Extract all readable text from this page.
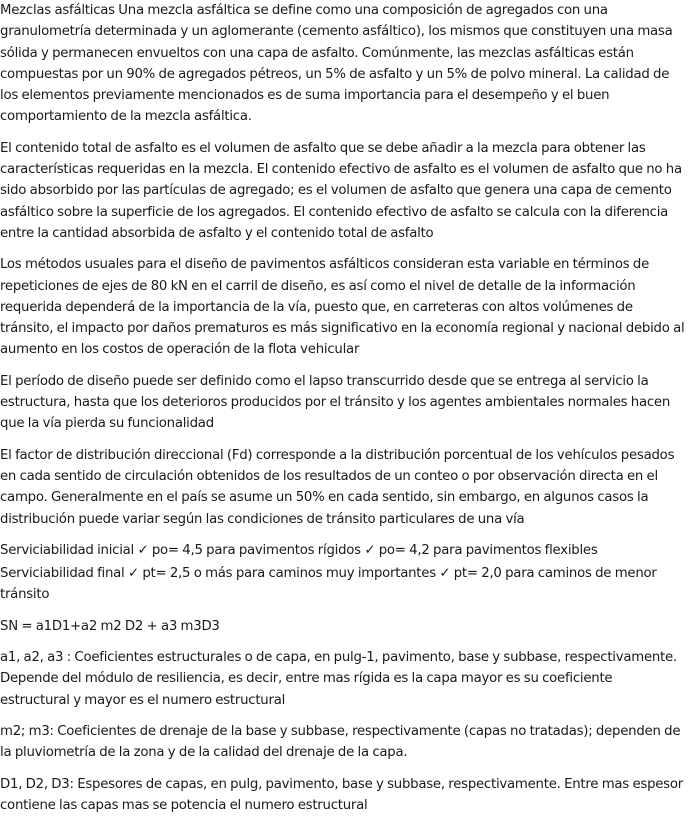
Mezclas asfálticas Una mezcla asfáltica se define como una composición de agregados con una granulometría determinada y un aglomerante (cemento asfáltico), los mismos que constituyen una masa sólida y permanecen envueltos con una capa de asfalto. Comúnmente, las mezclas asfálticas están compuestas por un 90% de agregados pétreos, un 5% de asfalto y un 5% de polvo mineral. La calidad de los elementos previamente mencionados es de suma importancia para el desempeño y el buen comportamiento de la mezcla asfáltica.

El contenido total de asfalto es el volumen de asfalto que se debe añadir a la mezcla para obtener las características requeridas en la mezcla. El contenido efectivo de asfalto es el volumen de asfalto que no ha sido absorbido por las partículas de agregado; es el volumen de asfalto que genera una capa de cemento asfáltico sobre la superficie de los agregados. El contenido efectivo de asfalto se calcula con la diferencia entre la cantidad absorbida de asfalto y el contenido total de asfalto

Los métodos usuales para el diseño de pavimentos asfálticos consideran esta variable en términos de repeticiones de ejes de 80 kN en el carril de diseño, es así como el nivel de detalle de la información requerida dependerá de la importancia de la vía, puesto que, en carreteras con altos volúmenes de tránsito, el impacto por daños prematuros es más significativo en la economía regional y nacional debido al aumento en los costos de operación de la flota vehicular

El período de diseño puede ser definido como el lapso transcurrido desde que se entrega al servicio la estructura, hasta que los deterioros producidos por el tránsito y los agentes ambientales normales hacen que la vía pierda su funcionalidad

El factor de distribución direccional (Fd) corresponde a la distribución porcentual de los vehículos pesados en cada sentido de circulación obtenidos de los resultados de un conteo o por observación directa en el campo. Generalmente en el país se asume un 50% en cada sentido, sin embargo, en algunos casos la distribución puede variar según las condiciones de tránsito particulares de una vía

Serviciabilidad inicial ✓ po= 4,5 para pavimentos rígidos ✓ po= 4,2 para pavimentos flexibles

Serviciabilidad final ✓ pt= 2,5 o más para caminos muy importantes ✓ pt= 2,0 para caminos de menor tránsito

SN = a1D1+a2 m2 D2 + a3 m3D3

a1, a2, a3 : Coeficientes estructurales o de capa, en pulg-1, pavimento, base y subbase, respectivamente. Depende del módulo de resiliencia, es decir, entre mas rígida es la capa mayor es su coeficiente estructural y mayor es el numero estructural

m2; m3: Coeficientes de drenaje de la base y subbase, respectivamente (capas no tratadas); dependen de la pluviometría de la zona y de la calidad del drenaje de la capa.

D1, D2, D3: Espesores de capas, en pulg, pavimento, base y subbase, respectivamente. Entre mas espesor contiene las capas mas se potencia el numero estructural
